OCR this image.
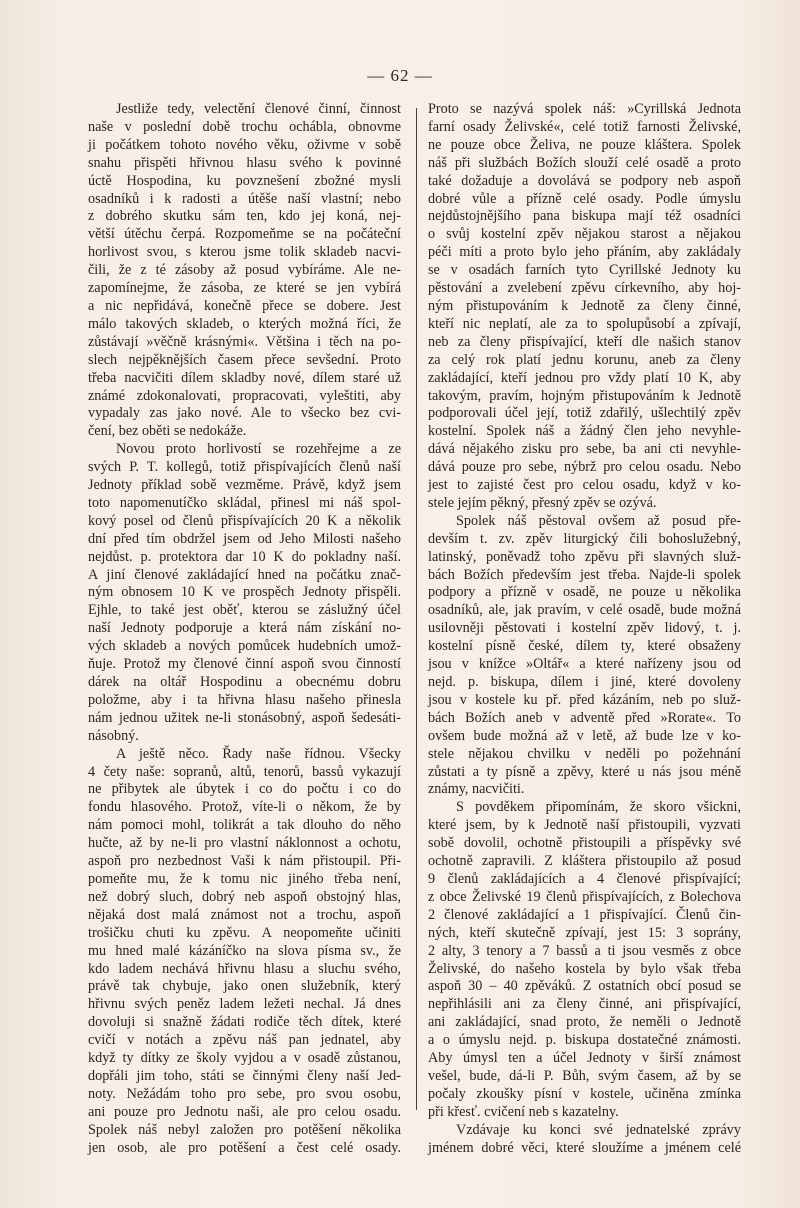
— 62 —
Jestliže tedy, velectění členové činní, činnost
naše v poslední době trochu ochábla, obnovme
ji počátkem tohoto nového věku, oživme v sobě
snahu přispěti hřivnou hlasu svého k povinné
úctě Hospodina, ku povznešení zbožné mysli
osadníků i k radosti a útěše naší vlastní; nebo
z dobrého skutku sám ten, kdo jej koná, nej-
větší útěchu čerpá. Rozpomeňme se na počáteční
horlivost svou, s kterou jsme tolik skladeb nacvi-
čili, že z té zásoby až posud vybíráme. Ale ne-
zapomínejme, že zásoba, ze které se jen vybírá
a nic nepřidává, konečně přece se dobere. Jest
málo takových skladeb, o kterých možná říci, že
zůstávají »věčně krásnými«. Většina i těch na po-
slech nejpěknějších časem přece sevšední. Proto
třeba nacvičiti dílem skladby nové, dílem staré už
známé zdokonalovati, propracovati, vyleštiti, aby
vypadaly zas jako nové. Ale to všecko bez cvi-
čení, bez oběti se nedokáže.
Novou proto horlivostí se rozehřejme a ze
svých P. T. kollegů, totiž přispívajících členů naší
Jednoty příklad sobě vezměme. Právě, když jsem
toto napomenutíčko skládal, přinesl mi náš spol-
kový posel od členů přispívajících 20 K a několik
dní před tím obdržel jsem od Jeho Milosti našeho
nejdůst. p. protektora dar 10 K do pokladny naší.
A jiní členové zakládající hned na počátku znač-
ným obnosem 10 K ve prospěch Jednoty přispěli.
Ejhle, to také jest oběť, kterou se záslužný účel
naší Jednoty podporuje a která nám získání no-
vých skladeb a nových pomůcek hudebních umož-
ňuje. Protož my členové činní aspoň svou činností
dárek na oltář Hospodinu a obecnému dobru
položme, aby i ta hřivna hlasu našeho přinesla
nám jednou užitek ne-li stonásobný, aspoň šedesáti-
násobný.
A ještě něco. Řady naše řídnou. Všecky
4 čety naše: sopranů, altů, tenorů, bassů vykazují
ne přibytek ale úbytek i co do počtu i co do
fondu hlasového. Protož, víte-li o někom, že by
nám pomoci mohl, tolikrát a tak dlouho do něho
hučte, až by ne-li pro vlastní náklonnost a ochotu,
aspoň pro nezbednost Vaši k nám přistoupil. Při-
pomeňte mu, že k tomu nic jiného třeba není,
než dobrý sluch, dobrý neb aspoň obstojný hlas,
nějaká dost malá známost not a trochu, aspoň
trošičku chuti ku zpěvu. A neopomeňte učiniti
mu hned malé kázáníčko na slova písma sv., že
kdo ladem nechává hřivnu hlasu a sluchu svého,
právě tak chybuje, jako onen služebník, který
hřivnu svých peněz ladem ležeti nechal. Já dnes
dovoluji si snažně žádati rodiče těch dítek, které
cvičí v notách a zpěvu náš pan jednatel, aby
když ty dítky ze školy vyjdou a v osadě zůstanou,
dopřáli jim toho, státi se činnými členy naší Jed-
noty. Nežádám toho pro sebe, pro svou osobu,
ani pouze pro Jednotu naši, ale pro celou osadu.
Spolek náš nebyl založen pro potěšení několika
jen osob, ale pro potěšení a čest celé osady.
Proto se nazývá spolek náš: »Cyrillská Jednota
farní osady Želivské«, celé totiž farnosti Želivské,
ne pouze obce Želiva, ne pouze kláštera. Spolek
náš při službách Božích slouží celé osadě a proto
také dožaduje a dovolává se podpory neb aspoň
dobré vůle a přízně celé osady. Podle úmyslu
nejdůstojnějšího pana biskupa mají též osadníci
o svůj kostelní zpěv nějakou starost a nějakou
péči míti a proto bylo jeho přáním, aby zakládaly
se v osadách farních tyto Cyrillské Jednoty ku
pěstování a zvelebení zpěvu církevního, aby hoj-
ným přistupováním k Jednotě za členy činné,
kteří nic neplatí, ale za to spolupůsobí a zpívají,
neb za členy přispívající, kteří dle našich stanov
za celý rok platí jednu korunu, aneb za členy
zakládající, kteří jednou pro vždy platí 10 K, aby
takovým, pravím, hojným přistupováním k Jednotě
podporovali účel její, totiž zdařilý, ušlechtilý zpěv
kostelní. Spolek náš a žádný člen jeho nevyhle-
dává nějakého zisku pro sebe, ba ani cti nevyhle-
dává pouze pro sebe, nýbrž pro celou osadu. Nebo
jest to zajisté čest pro celou osadu, když v ko-
stele jejím pěkný, přesný zpěv se ozývá.
Spolek náš pěstoval ovšem až posud pře-
devším t. zv. zpěv liturgický čili bohoslužebný,
latinský, poněvadž toho zpěvu při slavných služ-
bách Božích především jest třeba. Najde-li spolek
podpory a přízně v osadě, ne pouze u několika
osadníků, ale, jak pravím, v celé osadě, bude možná
usilovněji pěstovati i kostelní zpěv lidový, t. j.
kostelní písně české, dílem ty, které obsaženy
jsou v knížce »Oltář« a které nařízeny jsou od
nejd. p. biskupa, dílem i jiné, které dovoleny
jsou v kostele ku př. před kázáním, neb po služ-
bách Božích aneb v adventě před »Rorate«. To
ovšem bude možná až v letě, až bude lze v ko-
stele nějakou chvilku v neděli po požehnání
zůstati a ty písně a zpěvy, které u nás jsou méně
známy, nacvičiti.
S povděkem připomínám, že skoro všickni,
které jsem, by k Jednotě naší přistoupili, vyzvati
sobě dovolil, ochotně přistoupili a příspěvky své
ochotně zapravili. Z kláštera přistoupilo až posud
9 členů zakládajících a 4 členové přispívající;
z obce Želivské 19 členů přispívajících, z Bolechova
2 členové zakládající a 1 přispívající. Členů čin-
ných, kteří skutečně zpívají, jest 15: 3 soprány,
2 alty, 3 tenory a 7 bassů a ti jsou vesměs z obce
Želivské, do našeho kostela by bylo však třeba
aspoň 30 – 40 zpěváků. Z ostatních obcí posud se
nepřihlásili ani za členy činné, ani přispívající,
ani zakládající, snad proto, že neměli o Jednotě
a o úmyslu nejd. p. biskupa dostatečné známosti.
Aby úmysl ten a účel Jednoty v širší známost
vešel, bude, dá-li P. Bůh, svým časem, až by se
počaly zkoušky písní v kostele, učiněna zmínka
při křesť. cvičení neb s kazatelny.
Vzdávaje ku konci své jednatelské zprávy
jménem dobré věci, které sloužíme a jménem celé
